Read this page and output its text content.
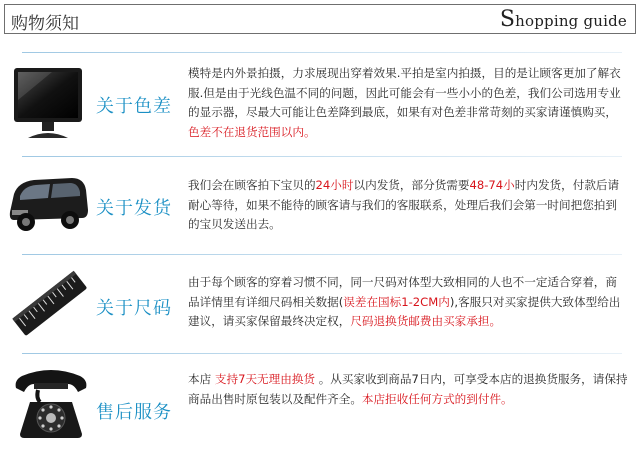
购物须知	Shopping guide
关于色差
模特是内外景拍摄，力求展现出穿着效果.平拍是室内拍摄，目的是让顾客更加了解衣服.但是由于光线色温不同的问题，因此可能会有一些小小的色差，我们公司选用专业的显示器，尽最大可能让色差降到最底，如果有对色差非常苛刻的买家请谨慎购买，色差不在退货范围以内。
关于发货
我们会在顾客拍下宝贝的24小时以内发货，部分货需要48-74小时内发货，付款后请耐心等待，如果不能待的顾客请与我们的客服联系，处理后我们会第一时间把您拍到的宝贝发送出去。
关于尺码
由于每个顾客的穿着习惯不同，同一尺码对体型大致相同的人也不一定适合穿着，商品详情里有详细尺码相关数据(误差在国标1-2CM内),客服只对买家提供大致体型给出建议，请买家保留最终决定权，尺码退换货邮费由买家承担。
售后服务
本店 支持7天无理由换货 。从买家收到商品7日内，可享受本店的退换货服务，请保持商品出售时原包装以及配件齐全。本店拒收任何方式的到付件。
